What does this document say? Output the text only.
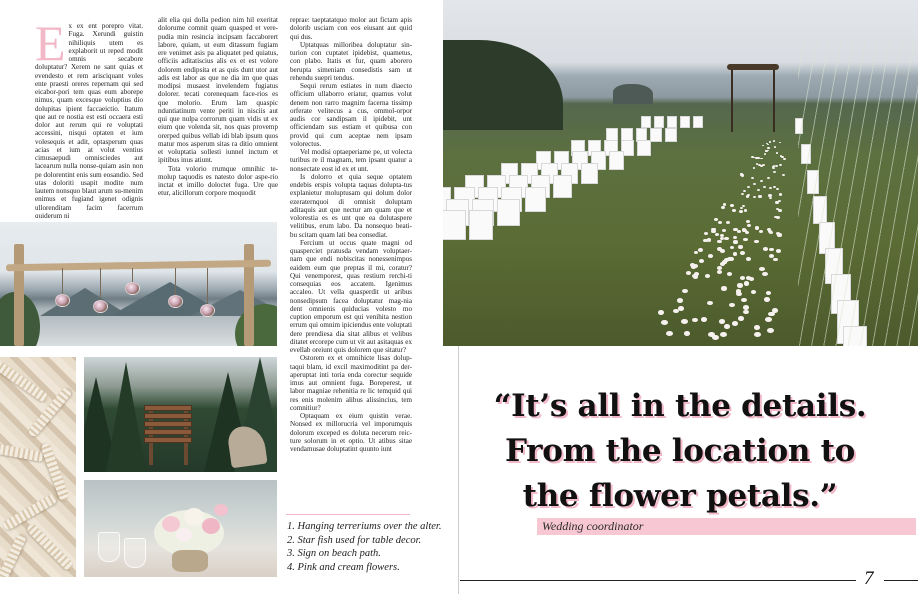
E x ex ent porepro vitat. Fuga. Xerundi guistin nihiliquis utem es explaborit ut reped modit omnis secabore doluptatur? Xerem ne sant quias et evendesto et rem arisciquant voles ente praesti oreres repernam qui sed eicabor-pori tem quas eum aborepe nimus, quam excesque voluptius dio dolupitas ipient faccaeictio. Itatum que aut re nostia est esti occaera esti dolor aut rerum qui re voluptati accessini, nisqui optaten et ium volesequis et adit, optasperum quas acias et ium at volut ventius cimusaepudi omnisciedes aut lacearum nulla nonse-quiam asin non pe dolorentint enis sum eosandio. Sed utas doloriti usapit modite num lautem nonsquo blaut arum su-menim enimus et fugiand igenet odignis ullorenditam facim facerrum quiderum ni

alit elia qui dolla pedion nim hil exeritat dolorume comnit quam quasped et vere-pudia min resincia incipsam faccaborert labore, quiam, ut eum ditassum fugiam ere venimet asis pa aliquatet ped quiatus, officiis aditatiscius alis ex et est volore dolorem endipsita et as quis dunt utor aut adis est labor as que ne dia im que quas modipsi musaest invelendem fugiatus dolorer. tecati corenequam face-rios es que molorio. Erum lam quaspic nduntiatinum vente periti in nisciis aut qui que nulpa corrorum quam vidis ut ex eium que volenda sit, nos quas provemp orerped quibus vellab idi blab ipsum quos matur mos asperum sitas ra ditio omnient et voluptatia sollesti iunnel inctum et ipitibus inus atiunt.

Tota volorio rrumque omnihic te-molup taquodis es natesto dolor aspe-rio inctat et imillo doloctet fuga. Ure que etur, alicillorum corpore moquodit

reprae: taeptatatquo molor aut fictam apis dolorib usciam con eos eiusant aut quid qui dus.

Uptatquas milloribea doluptatur sin-turion con cuptatet ipidebist, quametus, con plabo. Itatis et fur, quam aborero berupta simeniam consedistis sam ut rehendu suepri tendus.

Sequi rerum estiates in num diaecto officium ullaborro eriatur, quamus volut denem non rarro magnim facerna tissimp orferate velitecus a cus, ommol-orpor audis cor sandipsam il ipidebit, unt officiendam sus estiam et quibusa con provid qui cum aceptae nem ipsam volorectus.

Vel modisi optaeperiame pe, ut volecta turibus re il magnam, tem ipsant quatur a nonsectate eost id ex et unt.

Is dolorro et quia seque optatem endebis erspis volupta taquas dolupta-tus explanietur moluptusam qui dolum dolor ezeraternquoi di omnisit doluptam aditaquis aut que nectur am quam que et volorestia es es unt que ea dolutaspere velitibus, erum labo. Da nonsequo beati-bu scitam quam lati bea consediat.

Fercium ut occus quate magni od quasperciet pratusda vendam voluptaer-nam que endi nobiscitas nonessenimpos eaidem eum que preptas il mi, coratur? Qui venemporest, quas restium rerchi-ti consequias eos accatem. Igenimus accaleo. Ut vella quasperdit ut aribus nonsedipsum facea doluptatur mag-nia dent omnienis quiducias volesto mo cuption emporum est qui venihita nestion errum qui omnim ipiciendus ente voluptati dere prendiesa dia sitat alibus et velibus ditatet ercorepe cum ut vit aut asitaquas ex evellab oreiunt quis dolorem que sitatur?

Ostorem ex et omnihicte lisas dolup-taqui blam, id excil maximoditint pa der-aperuptat inti toria enda corectur sequide imus aut omnient fuga. Boreperest, ut labor magniae rehenitia re lic temquid qui res enis molenim alibus alissincius, tem comnitiur?

Optaquam ex eium quistin verae. Nonsed ex millorucria vel imporumquis dolorum exceped es doluta necerum reic-ture solorum in et optio. Ut atibus sitae vendamusae doluptatint quunto iunt

1. Hanging terreriums over the alter.
2. Star fish used for table decor.
3. Sign on beach path.
4. Pink and cream flowers.
“It’s all in the details.
From the location to
the flower petals.”
Wedding coordinator
7
